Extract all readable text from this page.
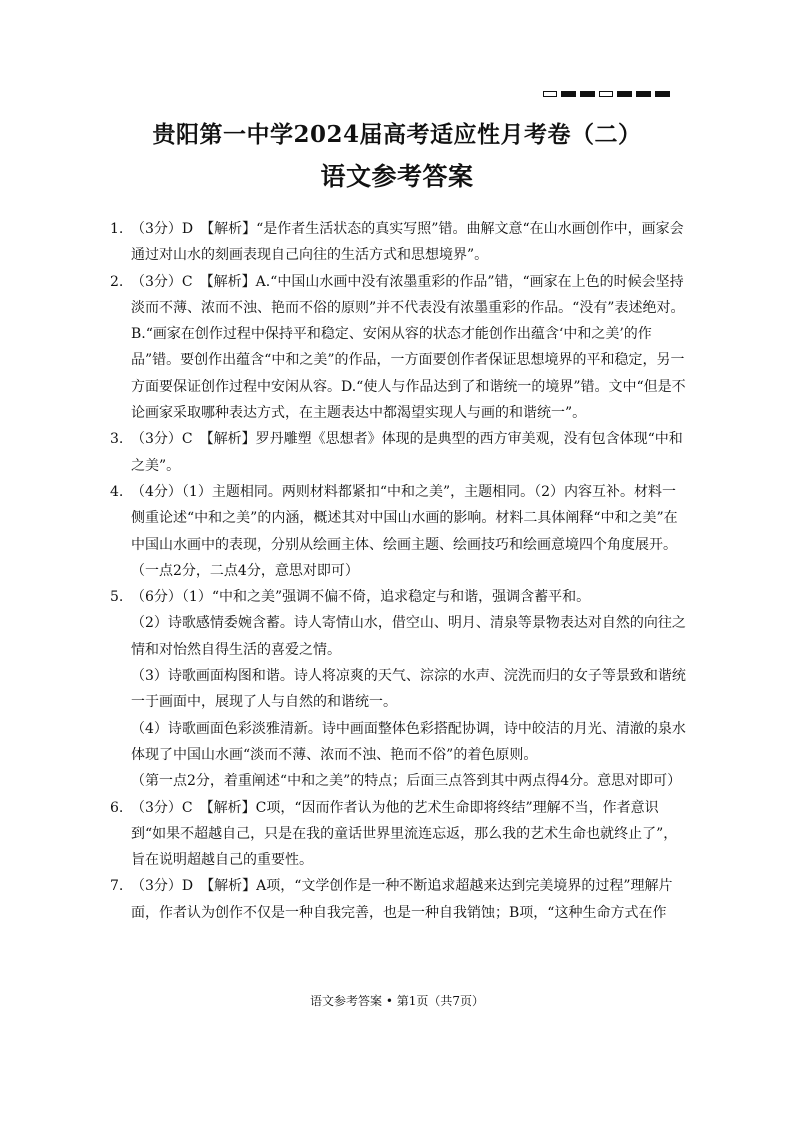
贵阳第一中学2024届高考适应性月考卷（二）
语文参考答案
1. （3分）D　【解析】“是作者生活状态的真实写照”错。曲解文意“在山水画创作中，画家会通过对山水的刻画表现自己向往的生活方式和思想境界”。

2. （3分）C　【解析】A.“中国山水画中没有浓墨重彩的作品”错，“画家在上色的时候会坚持淡而不薄、浓而不浊、艳而不俗的原则”并不代表没有浓墨重彩的作品。“没有”表述绝对。B.“画家在创作过程中保持平和稳定、安闲从容的状态才能创作出蕴含‘中和之美’的作品”错。要创作出蕴含“中和之美”的作品，一方面要创作者保证思想境界的平和稳定，另一方面要保证创作过程中安闲从容。D.“使人与作品达到了和谐统一的境界”错。文中“但是不论画家采取哪种表达方式，在主题表达中都渴望实现人与画的和谐统一”。

3. （3分）C　【解析】罗丹雕塑《思想者》体现的是典型的西方审美观，没有包含体现“中和之美”。

4. （4分）（1）主题相同。两则材料都紧扣“中和之美”，主题相同。（2）内容互补。材料一侧重论述“中和之美”的内涵，概述其对中国山水画的影响。材料二具体阐释“中和之美”在中国山水画中的表现，分别从绘画主体、绘画主题、绘画技巧和绘画意境四个角度展开。

（一点2分，二点4分，意思对即可）

5. （6分）（1）“中和之美”强调不偏不倚，追求稳定与和谐，强调含蓄平和。

（2）诗歌感情委婉含蓄。诗人寄情山水，借空山、明月、清泉等景物表达对自然的向往之情和对怡然自得生活的喜爱之情。

（3）诗歌画面构图和谐。诗人将凉爽的天气、淙淙的水声、浣洗而归的女子等景致和谐统一于画面中，展现了人与自然的和谐统一。

（4）诗歌画面色彩淡雅清新。诗中画面整体色彩搭配协调，诗中皎洁的月光、清澈的泉水体现了中国山水画“淡而不薄、浓而不浊、艳而不俗”的着色原则。

（第一点2分，着重阐述“中和之美”的特点；后面三点答到其中两点得4分。意思对即可）

6. （3分）C　【解析】C项，“因而作者认为他的艺术生命即将终结”理解不当，作者意识到“如果不超越自己，只是在我的童话世界里流连忘返，那么我的艺术生命也就终止了”，旨在说明超越自己的重要性。

7. （3分）D　【解析】A项，“文学创作是一种不断追求超越来达到完美境界的过程”理解片面，作者认为创作不仅是一种自我完善，也是一种自我销蚀；B项，“这种生命方式在作

语文参考答案 • 第1页（共7页）
